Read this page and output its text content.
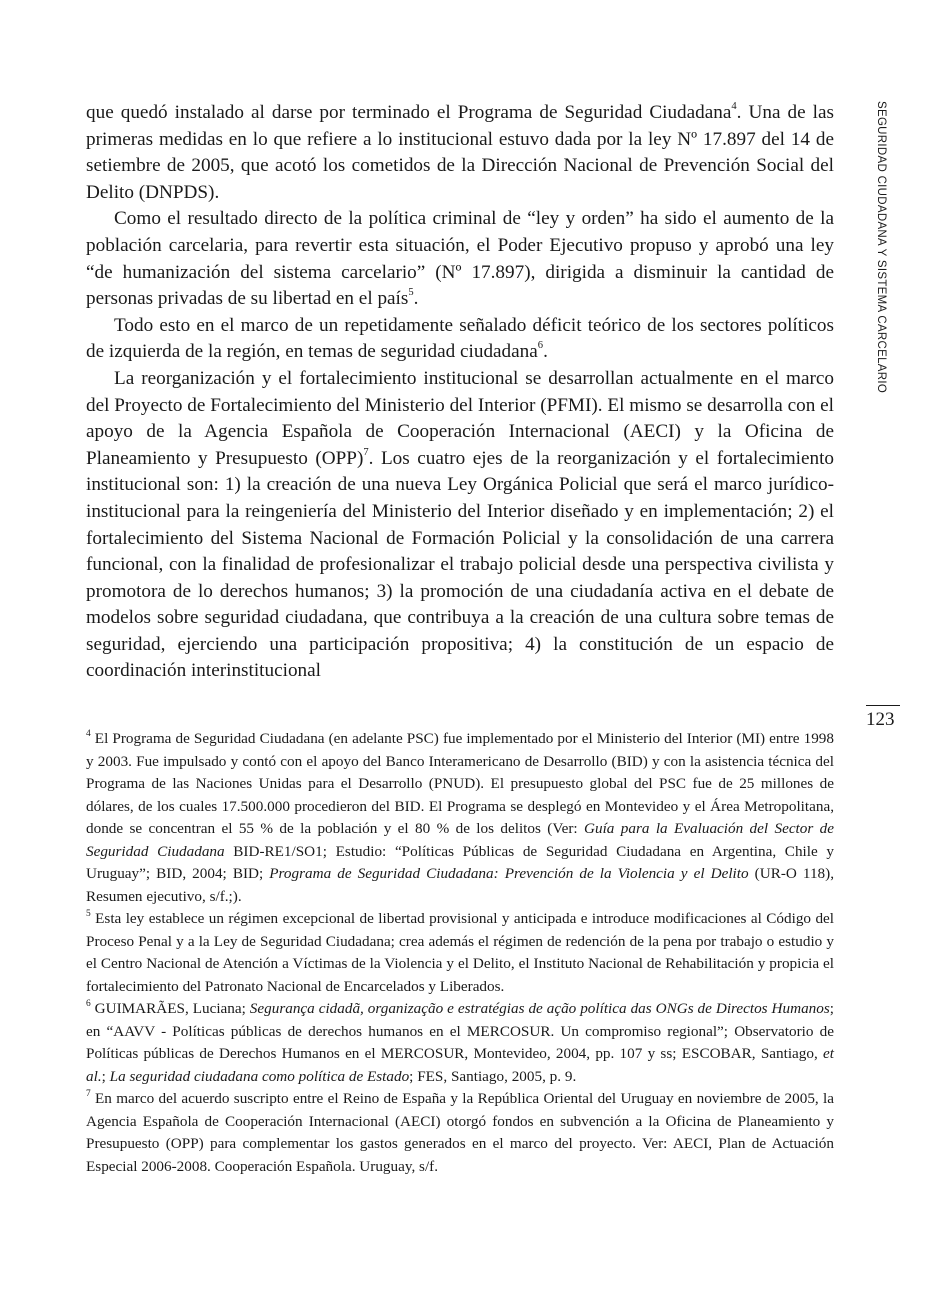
SEGURIDAD CIUDADANA Y SISTEMA CARCELARIO

que quedó instalado al darse por terminado el Programa de Seguridad Ciudadana$^4$. Una de las primeras medidas en lo que refiere a lo institucional estuvo dada por la ley Nº 17.897 del 14 de setiembre de 2005, que acotó los cometidos de la Dirección Nacional de Prevención Social del Delito (DNPDS).

Como el resultado directo de la política criminal de “ley y orden” ha sido el aumento de la población carcelaria, para revertir esta situación, el Poder Ejecutivo propuso y aprobó una ley “de humanización del sistema carcelario” (Nº 17.897), dirigida a disminuir la cantidad de personas privadas de su libertad en el país$^5$.

Todo esto en el marco de un repetidamente señalado déficit teórico de los sectores políticos de izquierda de la región, en temas de seguridad ciudadana$^6$.

La reorganización y el fortalecimiento institucional se desarrollan actualmente en el marco del Proyecto de Fortalecimiento del Ministerio del Interior (PFMI). El mismo se desarrolla con el apoyo de la Agencia Española de Cooperación Internacional (AECI) y la Oficina de Planeamiento y Presupuesto (OPP)$^7$. Los cuatro ejes de la reorganización y el fortalecimiento institucional son: 1) la creación de una nueva Ley Orgánica Policial que será el marco jurídico-institucional para la reingeniería del Ministerio del Interior diseñado y en implementación; 2) el fortalecimiento del Sistema Nacional de Formación Policial y la consolidación de una carrera funcional, con la finalidad de profesionalizar el trabajo policial desde una perspectiva civilista y promotora de lo derechos humanos; 3) la promoción de una ciudadanía activa en el debate de modelos sobre seguridad ciudadana, que contribuya a la creación de una cultura sobre temas de seguridad, ejerciendo una participación propositiva; 4) la constitución de un espacio de coordinación interinstitucional

123

$^4$ El Programa de Seguridad Ciudadana (en adelante PSC) fue implementado por el Ministerio del Interior (MI) entre 1998 y 2003. Fue impulsado y contó con el apoyo del Banco Interamericano de Desarrollo (BID) y con la asistencia técnica del Programa de las Naciones Unidas para el Desarrollo (PNUD). El presupuesto global del PSC fue de 25 millones de dólares, de los cuales 17.500.000 procedieron del BID. El Programa se desplegó en Montevideo y el Área Metropolitana, donde se concentran el 55 % de la población y el 80 % de los delitos (Ver: Guía para la Evaluación del Sector de Seguridad Ciudadana BID-RE1/SO1; Estudio: “Políticas Públicas de Seguridad Ciudadana en Argentina, Chile y Uruguay”; BID, 2004; BID; Programa de Seguridad Ciudadana: Prevención de la Violencia y el Delito (UR-O 118), Resumen ejecutivo, s/f.;).

$^5$ Esta ley establece un régimen excepcional de libertad provisional y anticipada e introduce modificaciones al Código del Proceso Penal y a la Ley de Seguridad Ciudadana; crea además el régimen de redención de la pena por trabajo o estudio y el Centro Nacional de Atención a Víctimas de la Violencia y el Delito, el Instituto Nacional de Rehabilitación y propicia el fortalecimiento del Patronato Nacional de Encarcelados y Liberados.

$^6$ GUIMARÃES, Luciana; Segurança cidadã, organização e estratégias de ação política das ONGs de Directos Humanos; en “AAVV - Políticas públicas de derechos humanos en el MERCOSUR. Un compromiso regional”; Observatorio de Políticas públicas de Derechos Humanos en el MERCOSUR, Montevideo, 2004, pp. 107 y ss; ESCOBAR, Santiago, et al.; La seguridad ciudadana como política de Estado; FES, Santiago, 2005, p. 9.

$^7$ En marco del acuerdo suscripto entre el Reino de España y la República Oriental del Uruguay en noviembre de 2005, la Agencia Española de Cooperación Internacional (AECI) otorgó fondos en subvención a la Oficina de Planeamiento y Presupuesto (OPP) para complementar los gastos generados en el marco del proyecto. Ver: AECI, Plan de Actuación Especial 2006-2008. Cooperación Española. Uruguay, s/f.
